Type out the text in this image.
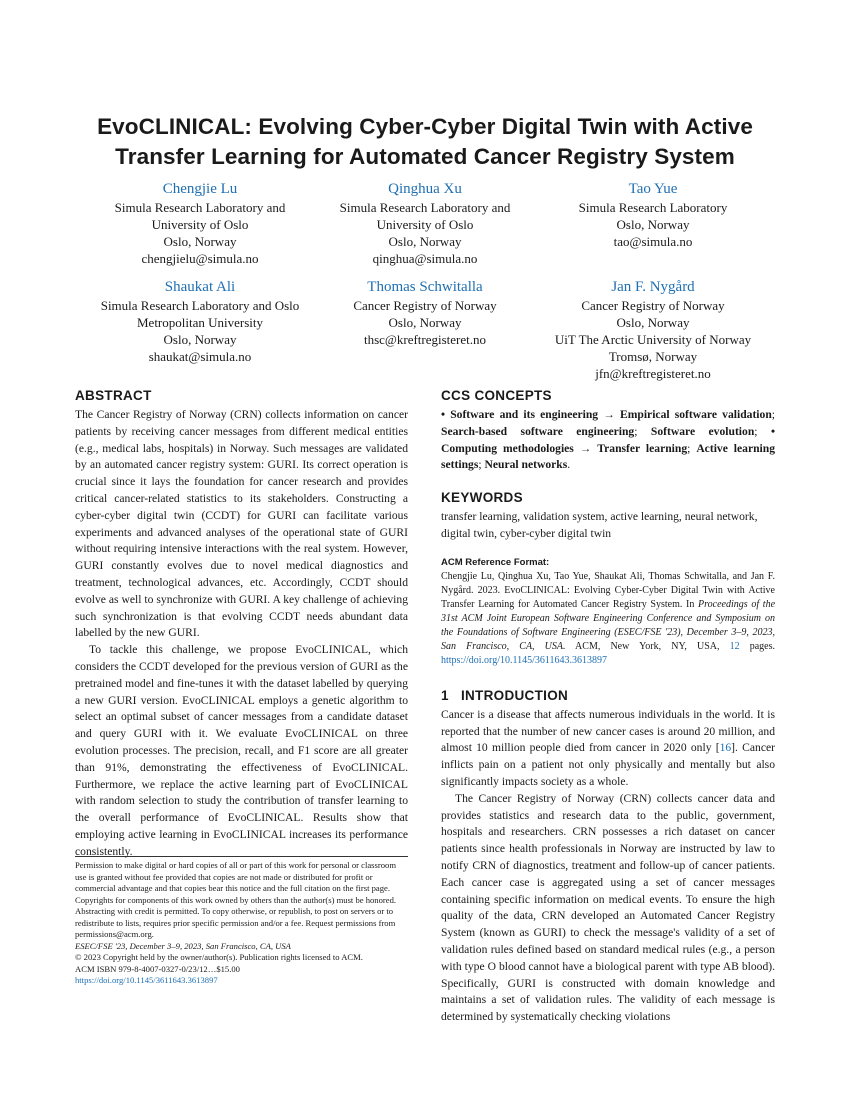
EvoCLINICAL: Evolving Cyber-Cyber Digital Twin with Active
Transfer Learning for Automated Cancer Registry System
Chengjie Lu
Simula Research Laboratory and
University of Oslo
Oslo, Norway
chengjielu@simula.no
Qinghua Xu
Simula Research Laboratory and
University of Oslo
Oslo, Norway
qinghua@simula.no
Tao Yue
Simula Research Laboratory
Oslo, Norway
tao@simula.no
Shaukat Ali
Simula Research Laboratory and Oslo
Metropolitan University
Oslo, Norway
shaukat@simula.no
Thomas Schwitalla
Cancer Registry of Norway
Oslo, Norway
thsc@kreftregisteret.no
Jan F. Nygård
Cancer Registry of Norway
Oslo, Norway
UiT The Arctic University of Norway
Tromsø, Norway
jfn@kreftregisteret.no
ABSTRACT

The Cancer Registry of Norway (CRN) collects information on cancer patients by receiving cancer messages from different medical entities (e.g., medical labs, hospitals) in Norway. Such messages are validated by an automated cancer registry system: GURI. Its correct operation is crucial since it lays the foundation for cancer research and provides critical cancer-related statistics to its stakeholders. Constructing a cyber-cyber digital twin (CCDT) for GURI can facilitate various experiments and advanced analyses of the operational state of GURI without requiring intensive interactions with the real system. However, GURI constantly evolves due to novel medical diagnostics and treatment, technological advances, etc. Accordingly, CCDT should evolve as well to synchronize with GURI. A key challenge of achieving such synchronization is that evolving CCDT needs abundant data labelled by the new GURI.

To tackle this challenge, we propose EvoCLINICAL, which considers the CCDT developed for the previous version of GURI as the pretrained model and fine-tunes it with the dataset labelled by querying a new GURI version. EvoCLINICAL employs a genetic algorithm to select an optimal subset of cancer messages from a candidate dataset and query GURI with it. We evaluate EvoCLINICAL on three evolution processes. The precision, recall, and F1 score are all greater than 91%, demonstrating the effectiveness of EvoCLINICAL. Furthermore, we replace the active learning part of EvoCLINICAL with random selection to study the contribution of transfer learning to the overall performance of EvoCLINICAL. Results show that employing active learning in EvoCLINICAL increases its performance consistently.

Permission to make digital or hard copies of all or part of this work for personal or classroom use is granted without fee provided that copies are not made or distributed for profit or commercial advantage and that copies bear this notice and the full citation on the first page. Copyrights for components of this work owned by others than the author(s) must be honored. Abstracting with credit is permitted. To copy otherwise, or republish, to post on servers or to redistribute to lists, requires prior specific permission and/or a fee. Request permissions from permissions@acm.org.

ESEC/FSE '23, December 3–9, 2023, San Francisco, CA, USA

© 2023 Copyright held by the owner/author(s). Publication rights licensed to ACM.

ACM ISBN 979-8-4007-0327-0/23/12…$15.00

https://doi.org/10.1145/3611643.3613897

CCS CONCEPTS

• Software and its engineering → Empirical software validation; Search-based software engineering; Software evolution; • Computing methodologies → Transfer learning; Active learning settings; Neural networks.

KEYWORDS

transfer learning, validation system, active learning, neural network, digital twin, cyber-cyber digital twin

ACM Reference Format:

Chengjie Lu, Qinghua Xu, Tao Yue, Shaukat Ali, Thomas Schwitalla, and Jan F. Nygård. 2023. EvoCLINICAL: Evolving Cyber-Cyber Digital Twin with Active Transfer Learning for Automated Cancer Registry System. In Proceedings of the 31st ACM Joint European Software Engineering Conference and Symposium on the Foundations of Software Engineering (ESEC/FSE '23), December 3–9, 2023, San Francisco, CA, USA. ACM, New York, NY, USA, 12 pages. https://doi.org/10.1145/3611643.3613897

1   INTRODUCTION

Cancer is a disease that affects numerous individuals in the world. It is reported that the number of new cancer cases is around 20 million, and almost 10 million people died from cancer in 2020 only [16]. Cancer inflicts pain on a patient not only physically and mentally but also significantly impacts society as a whole.

The Cancer Registry of Norway (CRN) collects cancer data and provides statistics and research data to the public, government, hospitals and researchers. CRN possesses a rich dataset on cancer patients since health professionals in Norway are instructed by law to notify CRN of diagnostics, treatment and follow-up of cancer patients. Each cancer case is aggregated using a set of cancer messages containing specific information on medical events. To ensure the high quality of the data, CRN developed an Automated Cancer Registry System (known as GURI) to check the message's validity of a set of validation rules defined based on standard medical rules (e.g., a person with type O blood cannot have a biological parent with type AB blood). Specifically, GURI is constructed with domain knowledge and maintains a set of validation rules. The validity of each message is determined by systematically checking violations
